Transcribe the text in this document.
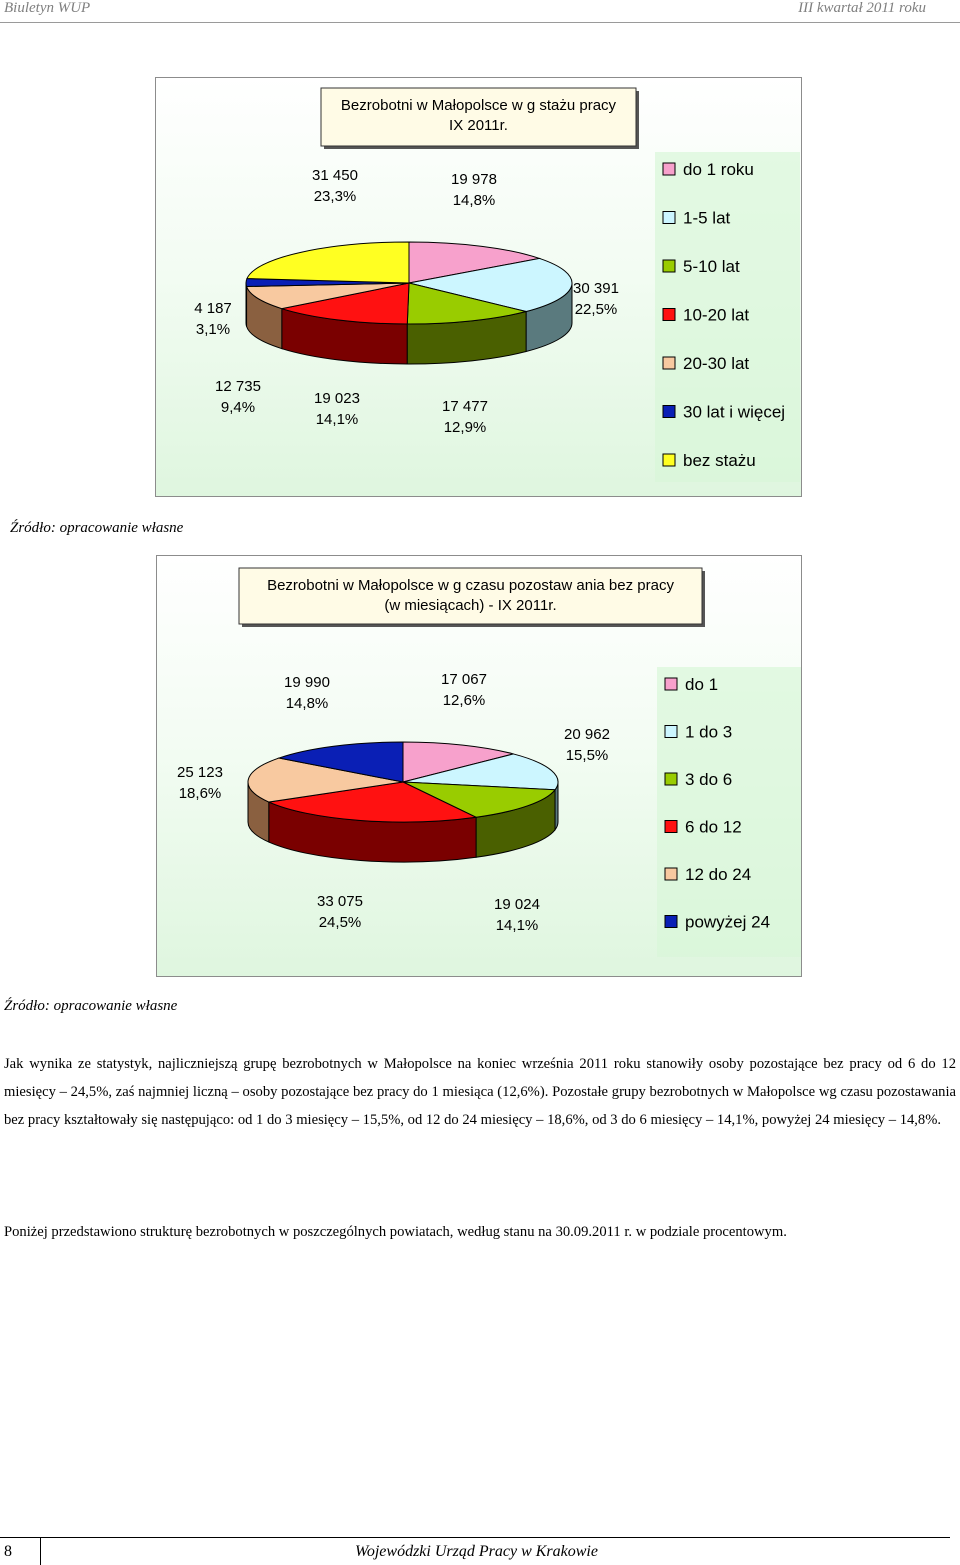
Biuletyn WUP	III kwartał 2011 roku
Bezrobotni w Małopolsce w g stażu pracy
IX 2011r.
19 978
14,8%
30 391
22,5%
17 477
12,9%
19 023
14,1%
12 735
9,4%
4 187
3,1%
31 450
23,3%
do 1 roku
1-5 lat
5-10 lat
10-20 lat
20-30 lat
30 lat i więcej
bez stażu
Źródło: opracowanie własne
Bezrobotni w Małopolsce w g czasu pozostaw ania bez pracy
(w miesiącach) - IX 2011r.
17 067
12,6%
20 962
15,5%
19 024
14,1%
33 075
24,5%
25 123
18,6%
19 990
14,8%
do 1
1 do 3
3 do 6
6 do 12
12 do 24
powyżej 24
Źródło: opracowanie własne
Jak wynika ze statystyk, najliczniejszą grupę bezrobotnych w Małopolsce na koniec września 2011 roku stanowiły osoby pozostające bez pracy od 6 do 12 miesięcy – 24,5%, zaś najmniej liczną – osoby pozostające bez pracy do 1 miesiąca (12,6%). Pozostałe grupy bezrobotnych w Małopolsce wg czasu pozostawania bez pracy kształtowały się następująco: od 1 do 3 miesięcy – 15,5%, od 12 do 24 miesięcy – 18,6%, od 3 do 6 miesięcy – 14,1%, powyżej 24 miesięcy – 14,8%.
Poniżej przedstawiono strukturę bezrobotnych w poszczególnych powiatach, według stanu na 30.09.2011 r. w podziale procentowym.
8	Wojewódzki Urząd Pracy w Krakowie
